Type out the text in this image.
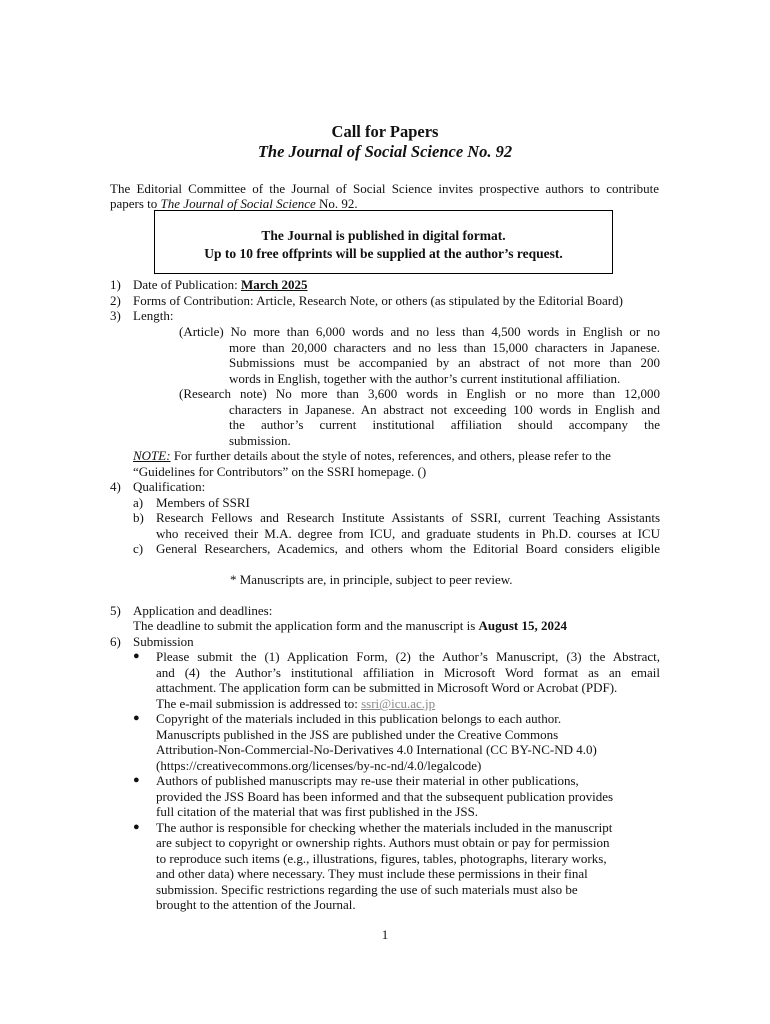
Call for Papers
The Journal of Social Science No. 92
The Editorial Committee of the Journal of Social Science invites prospective authors to contribute
papers to The Journal of Social Science No. 92.
The Journal is published in digital format.
Up to 10 free offprints will be supplied at the author’s request.
1) Date of Publication: March 2025
2) Forms of Contribution: Article, Research Note, or others (as stipulated by the Editorial Board)
3) Length:
(Article) No more than 6,000 words and no less than 4,500 words in English or no
more than 20,000 characters and no less than 15,000 characters in Japanese.
Submissions must be accompanied by an abstract of not more than 200
words in English, together with the author’s current institutional affiliation.
(Research note) No more than 3,600 words in English or no more than 12,000
characters in Japanese. An abstract not exceeding 100 words in English and
the author’s current institutional affiliation should accompany the
submission.
NOTE: For further details about the style of notes, references, and others, please refer to the
“Guidelines for Contributors” on the SSRI homepage. ()
4) Qualification:
a) Members of SSRI
b) Research Fellows and Research Institute Assistants of SSRI, current Teaching Assistants
who received their M.A. degree from ICU, and graduate students in Ph.D. courses at ICU
c) General Researchers, Academics, and others whom the Editorial Board considers eligible
* Manuscripts are, in principle, subject to peer review.
5) Application and deadlines:
The deadline to submit the application form and the manuscript is August 15, 2024
6) Submission
● Please submit the (1) Application Form, (2) the Author’s Manuscript, (3) the Abstract,
and (4) the Author’s institutional affiliation in Microsoft Word format as an email
attachment. The application form can be submitted in Microsoft Word or Acrobat (PDF).
The e-mail submission is addressed to: ssri@icu.ac.jp
● Copyright of the materials included in this publication belongs to each author.
Manuscripts published in the JSS are published under the Creative Commons
Attribution-Non-Commercial-No-Derivatives 4.0 International (CC BY-NC-ND 4.0)
(https://creativecommons.org/licenses/by-nc-nd/4.0/legalcode)
● Authors of published manuscripts may re-use their material in other publications,
provided the JSS Board has been informed and that the subsequent publication provides
full citation of the material that was first published in the JSS.
● The author is responsible for checking whether the materials included in the manuscript
are subject to copyright or ownership rights. Authors must obtain or pay for permission
to reproduce such items (e.g., illustrations, figures, tables, photographs, literary works,
and other data) where necessary. They must include these permissions in their final
submission. Specific restrictions regarding the use of such materials must also be
brought to the attention of the Journal.
1
